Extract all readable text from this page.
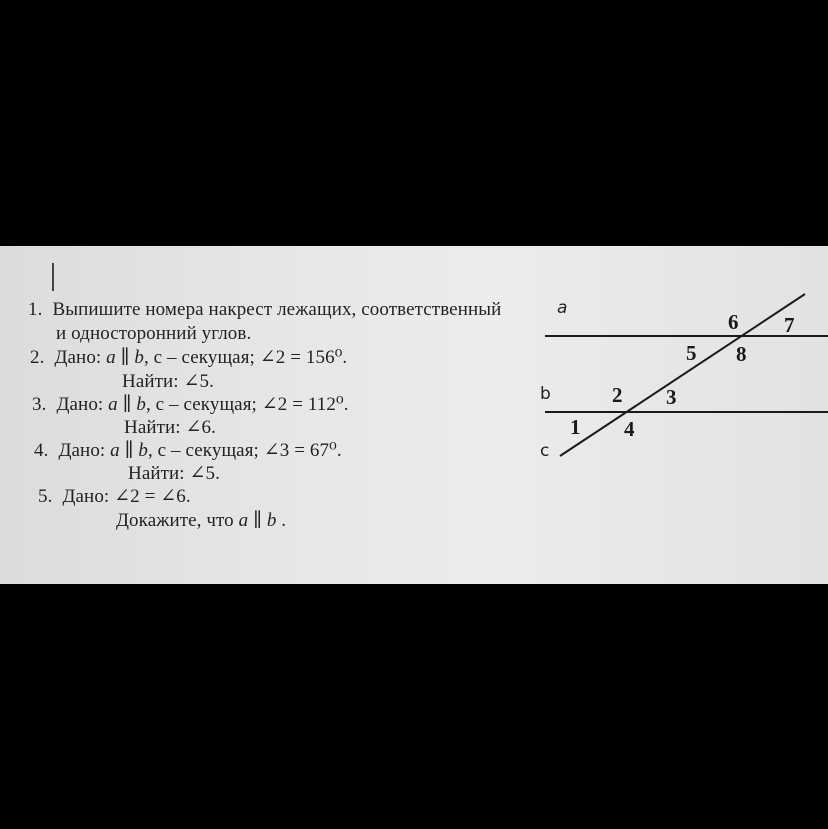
1. Выпишите номера накрест лежащих, соответственный
и односторонний углов.
2. Дано: a ∥ b, с – секущая; ∠2 = 156⁰.
Найти: ∠5.
3. Дано: a ∥ b, с – секущая; ∠2 = 112⁰.
Найти: ∠6.
4. Дано: a ∥ b, с – секущая; ∠3 = 67⁰.
Найти: ∠5.
5. Дано: ∠2 = ∠6.
Докажите, что a ∥ b .
a
b
c
1
2 3
4
5
6 7
8
